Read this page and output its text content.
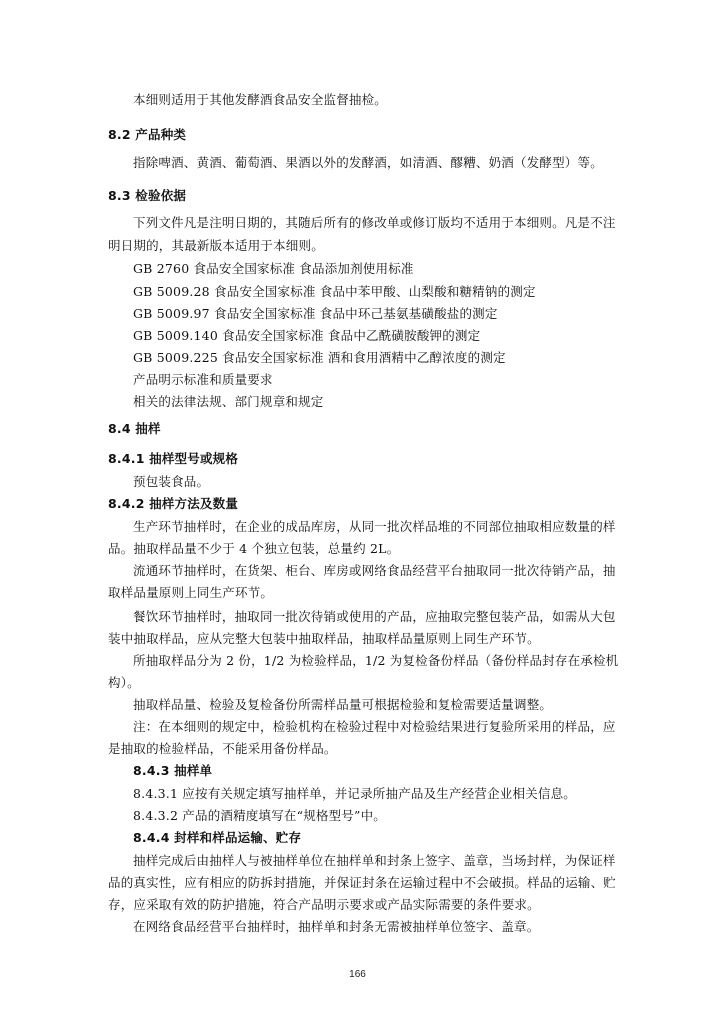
本细则适用于其他发酵酒食品安全监督抽检。
8.2 产品种类
指除啤酒、黄酒、葡萄酒、果酒以外的发酵酒，如清酒、醪糟、奶酒（发酵型）等。
8.3 检验依据
下列文件凡是注明日期的，其随后所有的修改单或修订版均不适用于本细则。凡是不注
明日期的，其最新版本适用于本细则。
GB 2760 食品安全国家标准 食品添加剂使用标准
GB 5009.28 食品安全国家标准 食品中苯甲酸、山梨酸和糖精钠的测定
GB 5009.97 食品安全国家标准 食品中环己基氨基磺酸盐的测定
GB 5009.140 食品安全国家标准 食品中乙酰磺胺酸钾的测定
GB 5009.225 食品安全国家标准 酒和食用酒精中乙醇浓度的测定
产品明示标准和质量要求
相关的法律法规、部门规章和规定
8.4 抽样
8.4.1 抽样型号或规格
预包装食品。
8.4.2 抽样方法及数量
生产环节抽样时，在企业的成品库房，从同一批次样品堆的不同部位抽取相应数量的样
品。抽取样品量不少于 4 个独立包装，总量约 2L。
流通环节抽样时，在货架、柜台、库房或网络食品经营平台抽取同一批次待销产品，抽
取样品量原则上同生产环节。
餐饮环节抽样时，抽取同一批次待销或使用的产品，应抽取完整包装产品，如需从大包
装中抽取样品，应从完整大包装中抽取样品，抽取样品量原则上同生产环节。
所抽取样品分为 2 份，1/2 为检验样品，1/2 为复检备份样品（备份样品封存在承检机
构）。
抽取样品量、检验及复检备份所需样品量可根据检验和复检需要适量调整。
注：在本细则的规定中，检验机构在检验过程中对检验结果进行复验所采用的样品，应
是抽取的检验样品，不能采用备份样品。
8.4.3 抽样单
8.4.3.1 应按有关规定填写抽样单，并记录所抽产品及生产经营企业相关信息。
8.4.3.2 产品的酒精度填写在“规格型号”中。
8.4.4 封样和样品运输、贮存
抽样完成后由抽样人与被抽样单位在抽样单和封条上签字、盖章，当场封样，为保证样
品的真实性，应有相应的防拆封措施，并保证封条在运输过程中不会破损。样品的运输、贮
存，应采取有效的防护措施，符合产品明示要求或产品实际需要的条件要求。
在网络食品经营平台抽样时，抽样单和封条无需被抽样单位签字、盖章。
166
